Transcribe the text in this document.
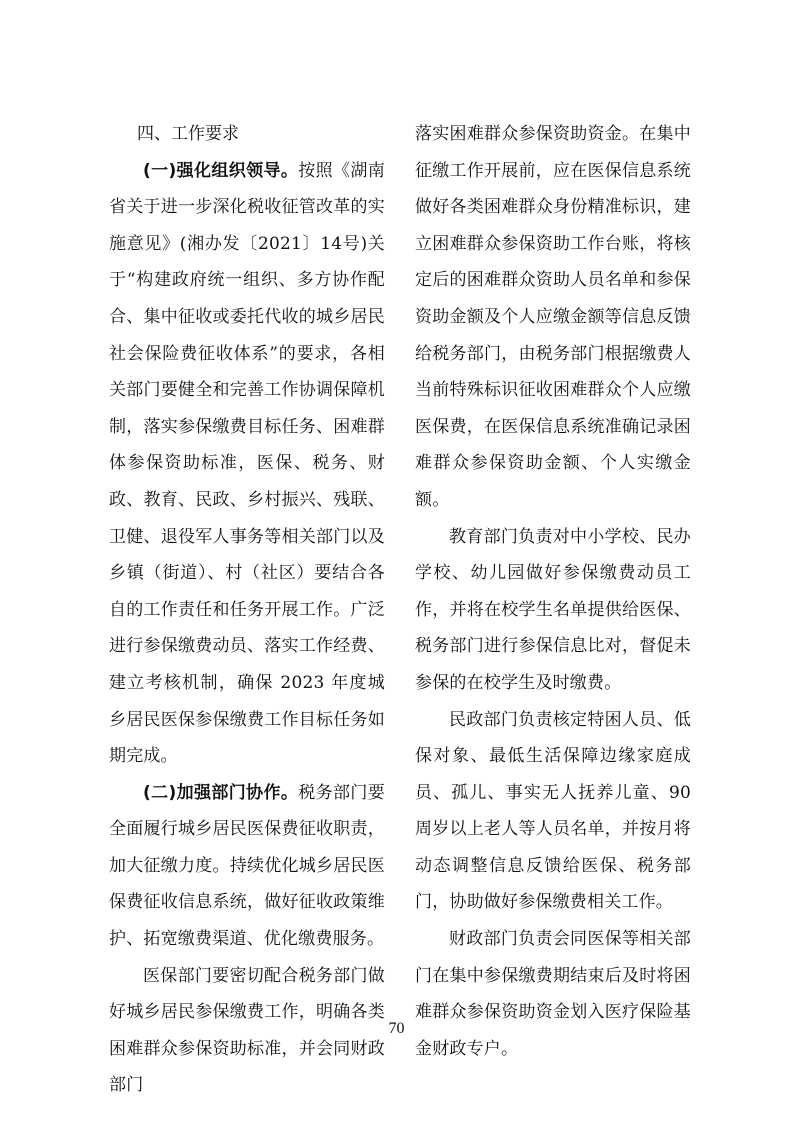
四、工作要求

(一)强化组织领导。按照《湖南省关于进一步深化税收征管改革的实施意见》(湘办发〔2021〕14号)关于“构建政府统一组织、多方协作配合、集中征收或委托代收的城乡居民社会保险费征收体系”的要求，各相关部门要健全和完善工作协调保障机制，落实参保缴费目标任务、困难群体参保资助标准，医保、税务、财政、教育、民政、乡村振兴、残联、卫健、退役军人事务等相关部门以及乡镇（街道）、村（社区）要结合各自的工作责任和任务开展工作。广泛进行参保缴费动员、落实工作经费、建立考核机制，确保 2023 年度城乡居民医保参保缴费工作目标任务如期完成。

(二)加强部门协作。税务部门要全面履行城乡居民医保费征收职责，加大征缴力度。持续优化城乡居民医保费征收信息系统，做好征收政策维护、拓宽缴费渠道、优化缴费服务。

医保部门要密切配合税务部门做好城乡居民参保缴费工作，明确各类困难群众参保资助标准，并会同财政部门

落实困难群众参保资助资金。在集中征缴工作开展前，应在医保信息系统做好各类困难群众身份精准标识，建立困难群众参保资助工作台账，将核定后的困难群众资助人员名单和参保资助金额及个人应缴金额等信息反馈给税务部门，由税务部门根据缴费人当前特殊标识征收困难群众个人应缴医保费，在医保信息系统准确记录困难群众参保资助金额、个人实缴金额。

教育部门负责对中小学校、民办学校、幼儿园做好参保缴费动员工作，并将在校学生名单提供给医保、税务部门进行参保信息比对，督促未参保的在校学生及时缴费。

民政部门负责核定特困人员、低保对象、最低生活保障边缘家庭成员、孤儿、事实无人抚养儿童、90周岁以上老人等人员名单，并按月将动态调整信息反馈给医保、税务部门，协助做好参保缴费相关工作。

财政部门负责会同医保等相关部门在集中参保缴费期结束后及时将困难群众参保资助资金划入医疗保险基金财政专户。

70
